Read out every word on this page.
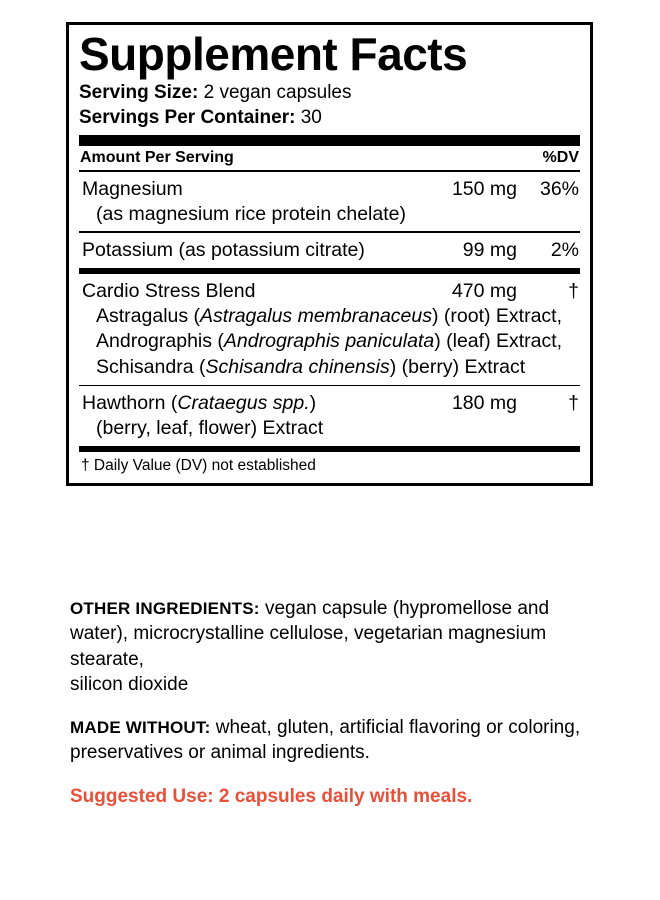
Supplement Facts
Serving Size: 2 vegan capsules
Servings Per Container: 30
Amount Per Serving	%DV
Magnesium	150 mg	36%
(as magnesium rice protein chelate)
Potassium (as potassium citrate)	99 mg	2%
Cardio Stress Blend	470 mg	†
Astragalus (Astragalus membranaceus) (root) Extract, Andrographis (Andrographis paniculata) (leaf) Extract, Schisandra (Schisandra chinensis) (berry) Extract
Hawthorn (Crataegus spp.)	180 mg	†
(berry, leaf, flower) Extract
† Daily Value (DV) not established

OTHER INGREDIENTS: vegan capsule (hypromellose and water), microcrystalline cellulose, vegetarian magnesium stearate,
silicon dioxide

MADE WITHOUT: wheat, gluten, artificial flavoring or coloring, preservatives or animal ingredients.

Suggested Use: 2 capsules daily with meals.
